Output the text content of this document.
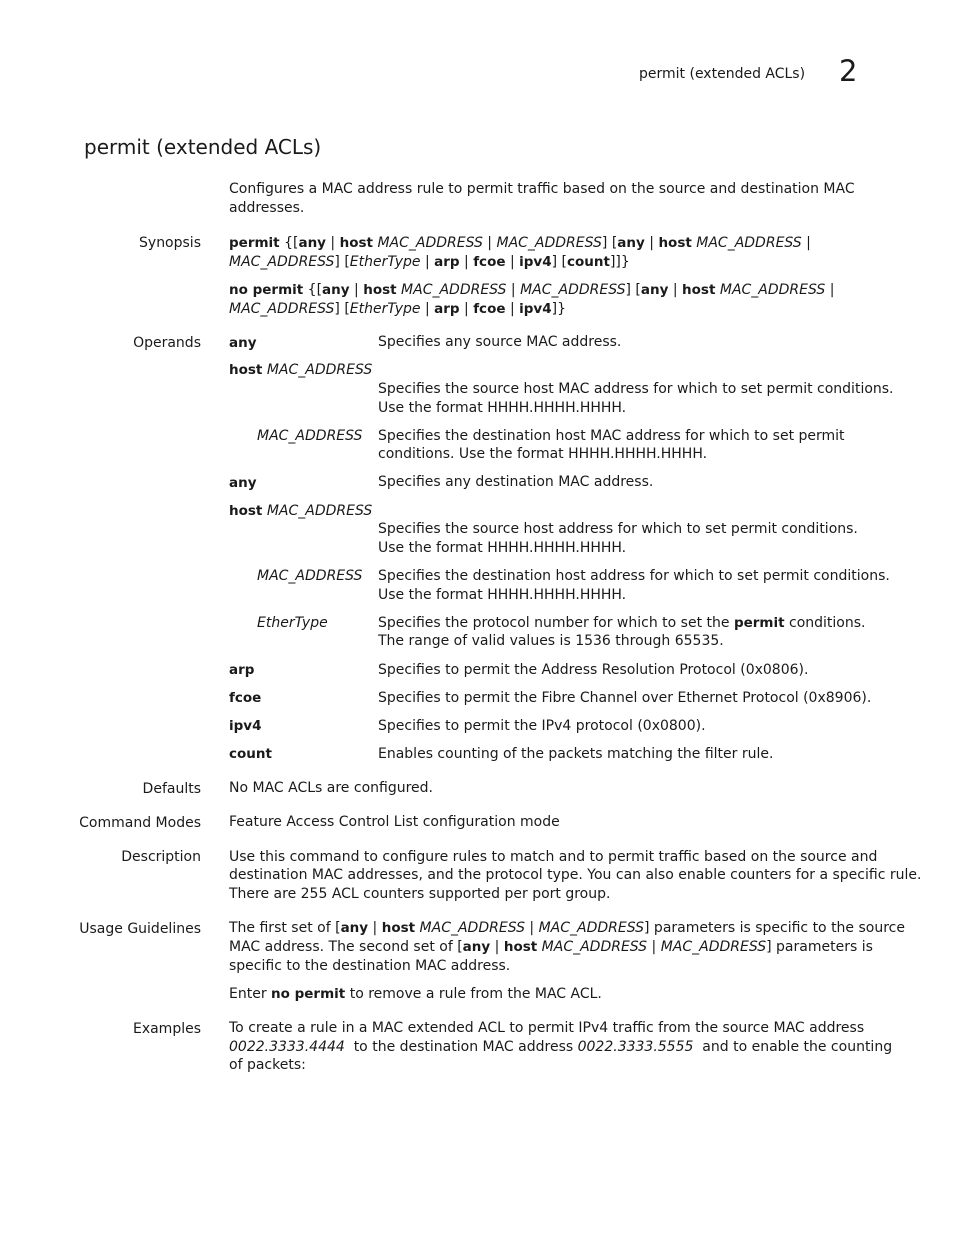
permit (extended ACLs) 2
permit (extended ACLs)
Configures a MAC address rule to permit traffic based on the source and destination MAC
addresses.
Synopsis permit {[any | host MAC_ADDRESS | MAC_ADDRESS] [any | host MAC_ADDRESS |
MAC_ADDRESS] [EtherType | arp | fcoe | ipv4] [count]]}
no permit {[any | host MAC_ADDRESS | MAC_ADDRESS] [any | host MAC_ADDRESS |
MAC_ADDRESS] [EtherType | arp | fcoe | ipv4]}
Operands any	Specifies any source MAC address.
host MAC_ADDRESS
Specifies the source host MAC address for which to set permit conditions.
Use the format HHHH.HHHH.HHHH.
MAC_ADDRESS Specifies the destination host MAC address for which to set permit
conditions. Use the format HHHH.HHHH.HHHH.
any	Specifies any destination MAC address.
host MAC_ADDRESS
Specifies the source host address for which to set permit conditions.
Use the format HHHH.HHHH.HHHH.
MAC_ADDRESS Specifies the destination host address for which to set permit conditions.
Use the format HHHH.HHHH.HHHH.
EtherType	Specifies the protocol number for which to set the permit conditions.
The range of valid values is 1536 through 65535.
arp	Specifies to permit the Address Resolution Protocol (0x0806).
fcoe	Specifies to permit the Fibre Channel over Ethernet Protocol (0x8906).
ipv4	Specifies to permit the IPv4 protocol (0x0800).
count	Enables counting of the packets matching the filter rule.
Defaults No MAC ACLs are configured.
Command Modes Feature Access Control List configuration mode
Description Use this command to configure rules to match and to permit traffic based on the source and
destination MAC addresses, and the protocol type. You can also enable counters for a specific rule.
There are 255 ACL counters supported per port group.
Usage Guidelines The first set of [any | host MAC_ADDRESS | MAC_ADDRESS] parameters is specific to the source
MAC address. The second set of [any | host MAC_ADDRESS | MAC_ADDRESS] parameters is
specific to the destination MAC address.
Enter no permit to remove a rule from the MAC ACL.
Examples To create a rule in a MAC extended ACL to permit IPv4 traffic from the source MAC address
0022.3333.4444  to the destination MAC address 0022.3333.5555  and to enable the counting
of packets:
